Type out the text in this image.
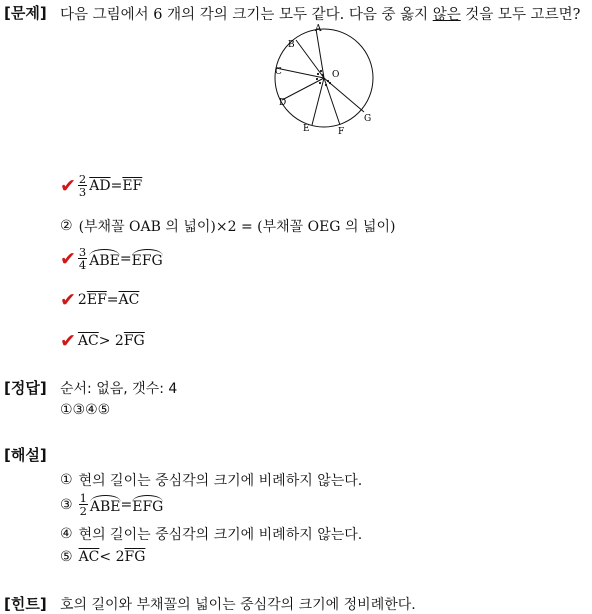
[문제] 다음 그림에서 6 개의 각의 크기는 모두 같다. 다음 중 옳지 않은 것을 모두 고르면?
A
B
C
D
E	F
G
O
✔ $\frac{2}{3} \overline{AD} = \overline{EF}$
② (부채꼴 OAB 의 넓이)×2 = (부채꼴 OEG 의 넓이)
✔ $\frac{3}{4}$ ABE = EFG
✔ 2 $\overline{EF} = \overline{AC}$
✔ $\overline{AC} > 2$ $\overline{FG}$
[정답] 순서: 없음, 갯수: 4
①③④⑤
[해설]
① 현의 길이는 중심각의 크기에 비례하지 않는다.
③ $\frac{1}{2}$ ABE = EFG
④ 현의 길이는 중심각의 크기에 비례하지 않는다.
⑤ $\overline{AC} < 2$ $\overline{FG}$
[힌트] 호의 길이와 부채꼴의 넓이는 중심각의 크기에 정비례한다.
